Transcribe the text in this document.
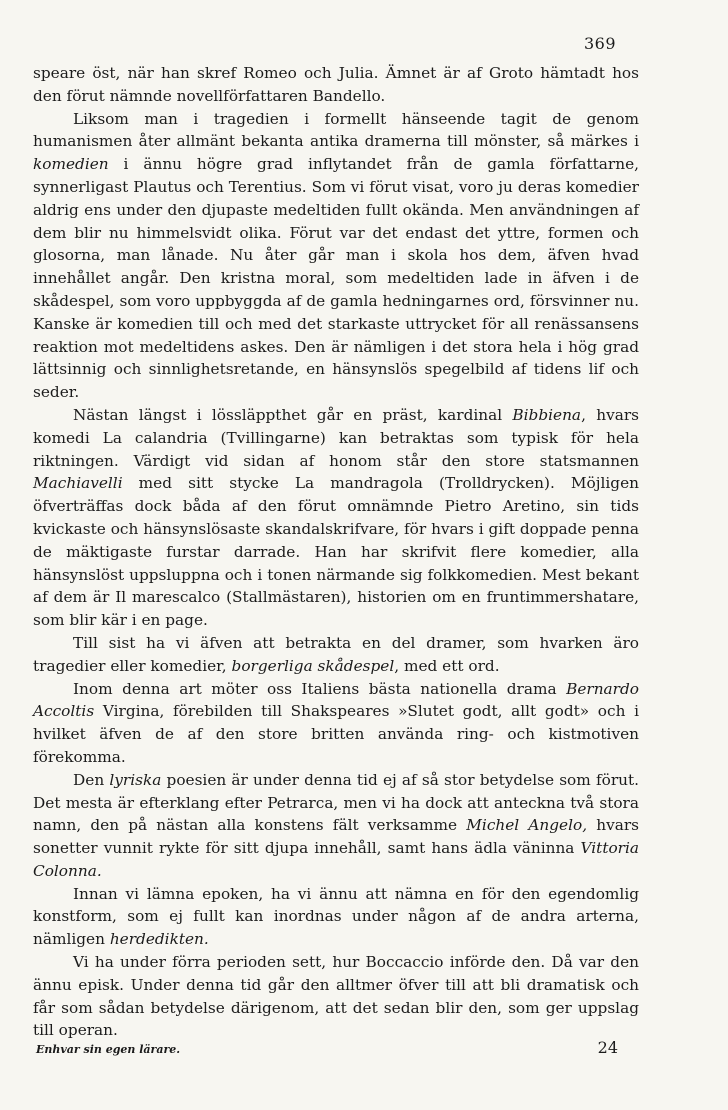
369

speare öst, när han skref Romeo och Julia. Ämnet är af Groto hämtadt hos den förut nämnde novellförfattaren Bandello.

Liksom man i tragedien i formellt hänseende tagit de genom humanismen åter allmänt bekanta antika dramerna till mönster, så märkes i komedien i ännu högre grad inflytandet från de gamla författarne, synnerligast Plautus och Terentius. Som vi förut visat, voro ju deras komedier aldrig ens under den djupaste medeltiden fullt okända. Men användningen af dem blir nu himmelsvidt olika. Förut var det endast det yttre, formen och glosorna, man lånade. Nu åter går man i skola hos dem, äfven hvad innehållet angår. Den kristna moral, som medeltiden lade in äfven i de skådespel, som voro uppbyggda af de gamla hedningarnes ord, försvinner nu. Kanske är komedien till och med det starkaste uttrycket för all renässansens reaktion mot medeltidens askes. Den är nämligen i det stora hela i hög grad lättsinnig och sinnlighetsretande, en hänsynslös spegelbild af tidens lif och seder.

Nästan längst i lössläppthet går en präst, kardinal Bibbiena, hvars komedi La calandria (Tvillingarne) kan betraktas som typisk för hela riktningen. Värdigt vid sidan af honom står den store statsmannen Machiavelli med sitt stycke La mandragola (Trolldrycken). Möjligen öfverträffas dock båda af den förut omnämnde Pietro Aretino, sin tids kvickaste och hänsynslösaste skandalskrifvare, för hvars i gift doppade penna de mäktigaste furstar darrade. Han har skrifvit flere komedier, alla hänsynslöst uppsluppna och i tonen närmande sig folkkomedien. Mest bekant af dem är Il marescalco (Stallmästaren), historien om en fruntimmershatare, som blir kär i en page.

Till sist ha vi äfven att betrakta en del dramer, som hvarken äro tragedier eller komedier, borgerliga skådespel, med ett ord.

Inom denna art möter oss Italiens bästa nationella drama Bernardo Accoltis Virgina, förebilden till Shakspeares »Slutet godt, allt godt» och i hvilket äfven de af den store britten använda ring- och kistmotiven förekomma.

Den lyriska poesien är under denna tid ej af så stor betydelse som förut. Det mesta är efterklang efter Petrarca, men vi ha dock att anteckna två stora namn, den på nästan alla konstens fält verksamme Michel Angelo, hvars sonetter vunnit rykte för sitt djupa innehåll, samt hans ädla väninna Vittoria Colonna.

Innan vi lämna epoken, ha vi ännu att nämna en för den egendomlig konstform, som ej fullt kan inordnas under någon af de andra arterna, nämligen herdedikten.

Vi ha under förra perioden sett, hur Boccaccio införde den. Då var den ännu episk. Under denna tid går den alltmer öfver till att bli dramatisk och får som sådan betydelse därigenom, att det sedan blir den, som ger uppslag till operan.

Enhvar sin egen lärare.	24
